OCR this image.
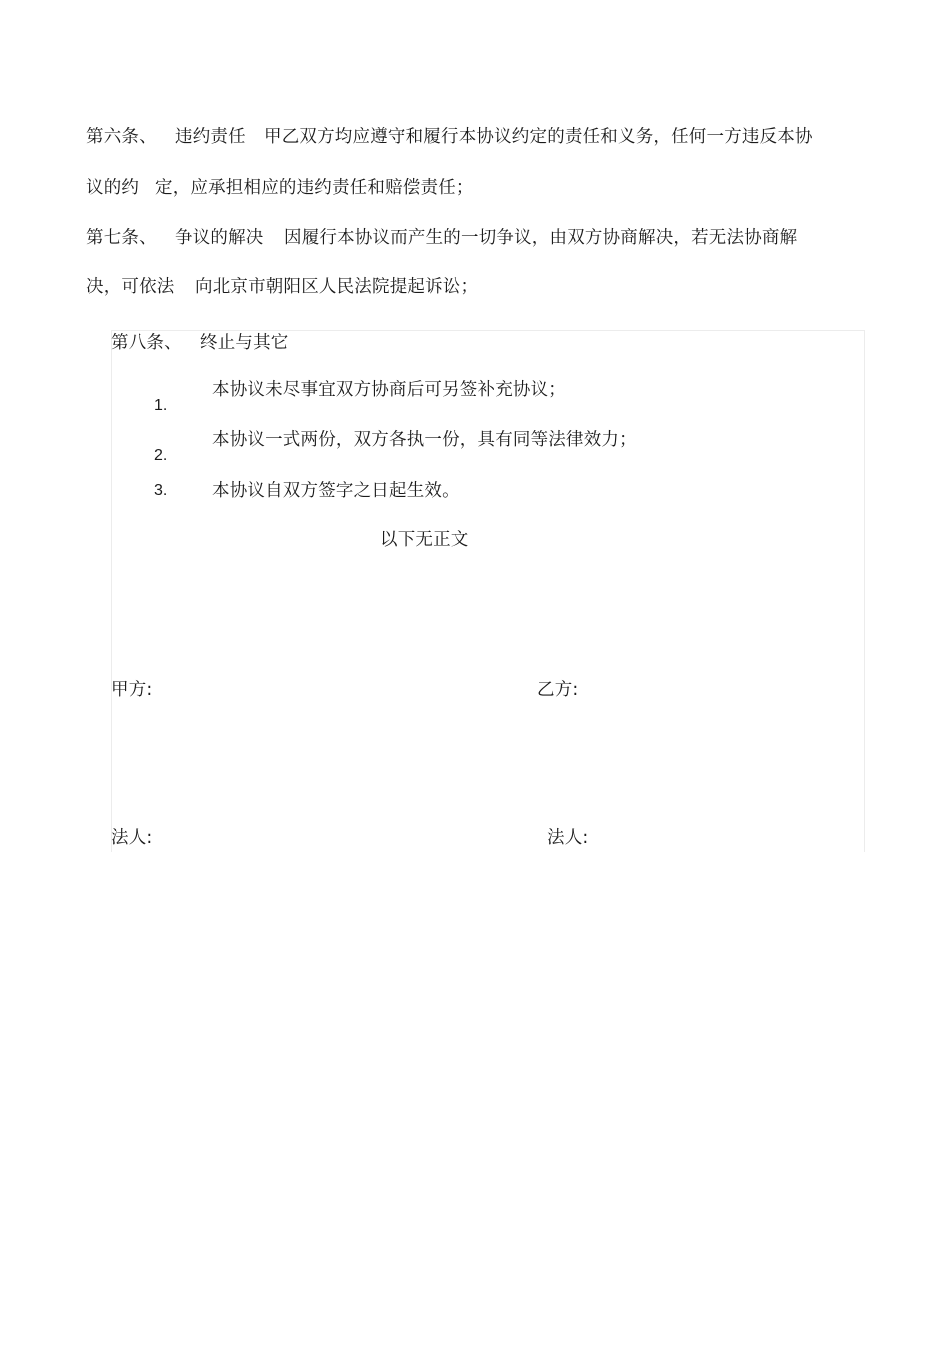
第六条、 违约责任 甲乙双方均应遵守和履行本协议约定的责任和义务，任何一方违反本协
议的约 定，应承担相应的违约责任和赔偿责任；
第七条、 争议的解决 因履行本协议而产生的一切争议，由双方协商解决，若无法协商解
决，可依法 向北京市朝阳区人民法院提起诉讼；
第八条、 终止与其它
1.
本协议未尽事宜双方协商后可另签补充协议；
2.
本协议一式两份，双方各执一份，具有同等法律效力；
3.	本协议自双方签字之日起生效。
以下无正文
甲方:	乙方:
法人:	法人:
